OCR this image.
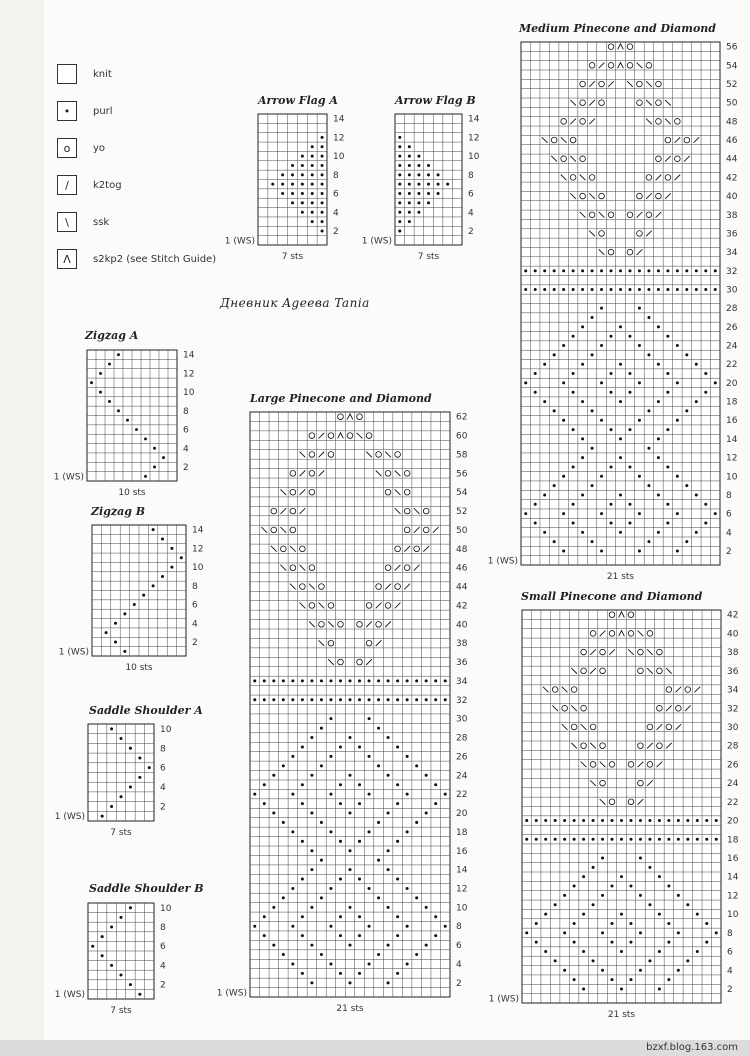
knit
•	purl
o	yo
/	k2tog
\	ssk
Λ	s2kp2 (see Stitch Guide)
Дневник Agеева Tania
Arrow Flag A	Arrow Flag B
Zigzag A
Zigzag B
Saddle Shoulder A
Saddle Shoulder B
Large Pinecone and Diamond
Medium Pinecone and Diamond
Small Pinecone and Diamond
2
4
6
8
10
12
14
1 (WS)
7 sts
2
4
6
8
10
12
14
1 (WS)
7 sts
2
4
6
8
10
12
14
1 (WS)
10 sts
2
4
6
8
10
12
14
1 (WS)
10 sts
2
4
6
8
10
1 (WS)
7 sts
2
4
6
8
10
1 (WS)
7 sts
2
4
6
8
10
12
14
16
18
20
22
24
26
28
30
32
34
36
38
40
42
44
46
48
50
52
54
56
58
60
62
1 (WS)
21 sts
2
4
6
8
10
12
14
16
18
20
22
24
26
28
30
32
34
36
38
40
42
44
46
48
50
52
54
56
1 (WS)
21 sts
2
4
6
8
10
12
14
16
18
20
22
24
26
28
30
32
34
36
38
40
42
1 (WS)
21 sts
bzxf.blog.163.com
